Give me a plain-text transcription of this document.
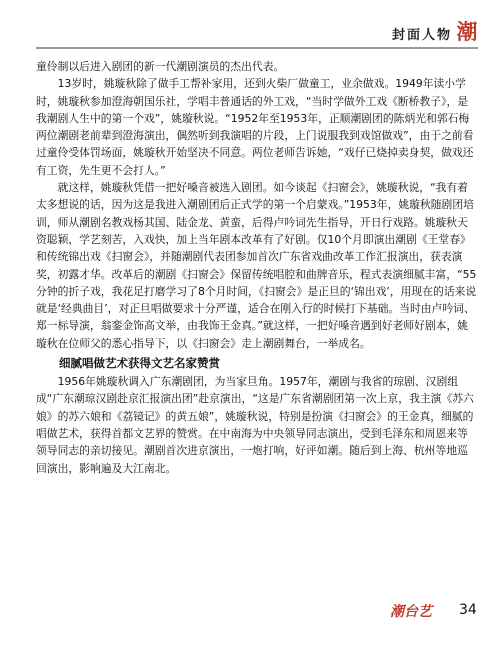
封面人物 潮

童伶制以后进入剧团的新一代潮剧演员的杰出代表。

13岁时，姚璇秋除了做手工帮补家用，还到火柴厂做童工，业余做戏。1949年读小学时，姚璇秋参加澄海朝国乐社，学唱丰普通话的外工戏，“当时学做外工戏《断桥教子》，是我潮剧人生中的第一个戏”，姚璇秋说。“1952年至1953年，正顺潮剧团的陈炳光和郭石梅两位潮剧老前辈到澄海演出，偶然听到我演唱的片段，上门说服我到戏馆做戏”，由于之前看过童伶受体罚场面，姚璇秋开始坚决不同意。两位老师告诉她，“戏仔已烧掉卖身契，做戏还有工资，先生更不会打人。”

就这样，姚璇秋凭借一把好嗓音被选入剧团。如今谈起《扫窗会》，姚璇秋说，“我有着太多想说的话，因为这是我进入潮剧团后正式学的第一个启蒙戏。”1953年，姚璇秋随剧团培训，师从潮剧名教戏杨其国、陆金龙、黄蛮，后得卢吟词先生指导，开日行戏路。姚璇秋天资聪颖，学艺刻苦，入戏快，加上当年剧本改革有了好剧。仅10个月即演出潮剧《王堂春》和传统锦出戏《扫窗会》，并随潮剧代表团参加首次广东省戏曲改革工作汇报演出，获表演奖，初露才华。改革后的潮剧《扫窗会》保留传统唱腔和曲牌音乐，程式表演细腻丰富，“55分钟的折子戏，我花足打磨学习了8个月时间，《扫窗会》是正旦的‘锦出戏’，用现在的话来说就是‘经典曲目’，对正旦唱做要求十分严谨，适合在刚入行的时候打下基础。当时由卢吟词、郑一标导演，翁銮金饰高文举，由我饰王金真。”就这样，一把好嗓音遇到好老师好剧本，姚璇秋在位师父的悉心指导下，以《扫窗会》走上潮剧舞台，一举成名。

细腻唱做艺术获得文艺名家赞赏

1956年姚璇秋调入广东潮剧团，为当家旦角。1957年，潮剧与我省的琼剧、汉剧组成“广东潮琼汉剧赴京汇报演出团”赴京演出，“这是广东省潮剧团第一次上京，我主演《苏六娘》的苏六娘和《荔镜记》的黄五娘”，姚璇秋说，特别是扮演《扫窗会》的王金真，细腻的唱做艺术，获得首都文艺界的赞赏。在中南海为中央领导同志演出，受到毛泽东和周恩来等领导同志的亲切接见。潮剧首次进京演出，一炮打响，好评如潮。随后到上海、杭州等地巡回演出，影响遍及大江南北。

潮台艺 34
